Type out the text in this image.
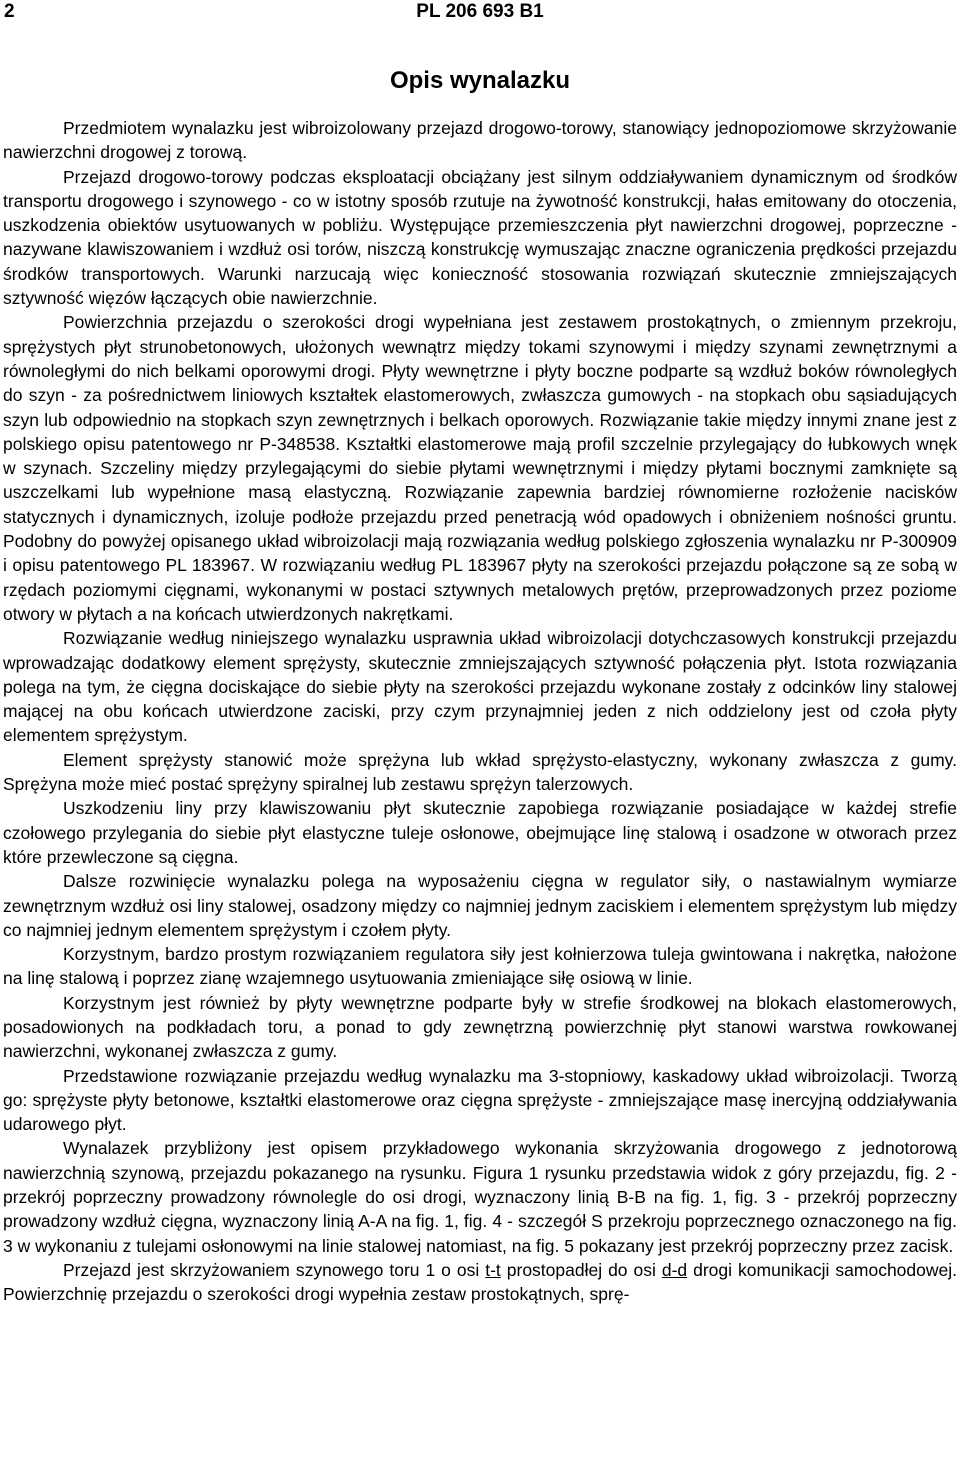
2	PL 206 693 B1
Opis wynalazku

Przedmiotem wynalazku jest wibroizolowany przejazd drogowo-torowy, stanowiący jednopoziomowe skrzyżowanie nawierzchni drogowej z torową.

Przejazd drogowo-torowy podczas eksploatacji obciążany jest silnym oddziaływaniem dynamicznym od środków transportu drogowego i szynowego - co w istotny sposób rzutuje na żywotność konstrukcji, hałas emitowany do otoczenia, uszkodzenia obiektów usytuowanych w pobliżu. Występujące przemieszczenia płyt nawierzchni drogowej, poprzeczne - nazywane klawiszowaniem i wzdłuż osi torów, niszczą konstrukcję wymuszając znaczne ograniczenia prędkości przejazdu środków transportowych. Warunki narzucają więc konieczność stosowania rozwiązań skutecznie zmniejszających sztywność więzów łączących obie nawierzchnie.

Powierzchnia przejazdu o szerokości drogi wypełniana jest zestawem prostokątnych, o zmiennym przekroju, sprężystych płyt strunobetonowych, ułożonych wewnątrz między tokami szynowymi i między szynami zewnętrznymi a równoległymi do nich belkami oporowymi drogi. Płyty wewnętrzne i płyty boczne podparte są wzdłuż boków równoległych do szyn - za pośrednictwem liniowych kształtek elastomerowych, zwłaszcza gumowych - na stopkach obu sąsiadujących szyn lub odpowiednio na stopkach szyn zewnętrznych i belkach oporowych. Rozwiązanie takie między innymi znane jest z polskiego opisu patentowego nr P-348538. Kształtki elastomerowe mają profil szczelnie przylegający do łubkowych wnęk w szynach. Szczeliny między przylegającymi do siebie płytami wewnętrznymi i między płytami bocznymi zamknięte są uszczelkami lub wypełnione masą elastyczną. Rozwiązanie zapewnia bardziej równomierne rozłożenie nacisków statycznych i dynamicznych, izoluje podłoże przejazdu przed penetracją wód opadowych i obniżeniem nośności gruntu. Podobny do powyżej opisanego układ wibroizolacji mają rozwiązania według polskiego zgłoszenia wynalazku nr P-300909 i opisu patentowego PL 183967. W rozwiązaniu według PL 183967 płyty na szerokości przejazdu połączone są ze sobą w rzędach poziomymi cięgnami, wykonanymi w postaci sztywnych metalowych prętów, przeprowadzonych przez poziome otwory w płytach a na końcach utwierdzonych nakrętkami.

Rozwiązanie według niniejszego wynalazku usprawnia układ wibroizolacji dotychczasowych konstrukcji przejazdu wprowadzając dodatkowy element sprężysty, skutecznie zmniejszających sztywność połączenia płyt. Istota rozwiązania polega na tym, że cięgna dociskające do siebie płyty na szerokości przejazdu wykonane zostały z odcinków liny stalowej mającej na obu końcach utwierdzone zaciski, przy czym przynajmniej jeden z nich oddzielony jest od czoła płyty elementem sprężystym.

Element sprężysty stanowić może sprężyna lub wkład sprężysto-elastyczny, wykonany zwłaszcza z gumy. Sprężyna może mieć postać sprężyny spiralnej lub zestawu sprężyn talerzowych.

Uszkodzeniu liny przy klawiszowaniu płyt skutecznie zapobiega rozwiązanie posiadające w każdej strefie czołowego przylegania do siebie płyt elastyczne tuleje osłonowe, obejmujące linę stalową i osadzone w otworach przez które przewleczone są cięgna.

Dalsze rozwinięcie wynalazku polega na wyposażeniu cięgna w regulator siły, o nastawialnym wymiarze zewnętrznym wzdłuż osi liny stalowej, osadzony między co najmniej jednym zaciskiem i elementem sprężystym lub między co najmniej jednym elementem sprężystym i czołem płyty.

Korzystnym, bardzo prostym rozwiązaniem regulatora siły jest kołnierzowa tuleja gwintowana i nakrętka, nałożone na linę stalową i poprzez zianę wzajemnego usytuowania zmieniające siłę osiową w linie.

Korzystnym jest również by płyty wewnętrzne podparte były w strefie środkowej na blokach elastomerowych, posadowionych na podkładach toru, a ponad to gdy zewnętrzną powierzchnię płyt stanowi warstwa rowkowanej nawierzchni, wykonanej zwłaszcza z gumy.

Przedstawione rozwiązanie przejazdu według wynalazku ma 3-stopniowy, kaskadowy układ wibroizolacji. Tworzą go: sprężyste płyty betonowe, kształtki elastomerowe oraz cięgna sprężyste - zmniejszające masę inercyjną oddziaływania udarowego płyt.

Wynalazek przybliżony jest opisem przykładowego wykonania skrzyżowania drogowego z jednotorową nawierzchnią szynową, przejazdu pokazanego na rysunku. Figura 1 rysunku przedstawia widok z góry przejazdu, fig. 2 - przekrój poprzeczny prowadzony równolegle do osi drogi, wyznaczony linią B-B na fig. 1, fig. 3 - przekrój poprzeczny prowadzony wzdłuż cięgna, wyznaczony linią A-A na fig. 1, fig. 4 - szczegół S przekroju poprzecznego oznaczonego na fig. 3 w wykonaniu z tulejami osłonowymi na linie stalowej natomiast, na fig. 5 pokazany jest przekrój poprzeczny przez zacisk.

Przejazd jest skrzyżowaniem szynowego toru 1 o osi t-t prostopadłej do osi d-d drogi komunikacji samochodowej. Powierzchnię przejazdu o szerokości drogi wypełnia zestaw prostokątnych, sprę-
